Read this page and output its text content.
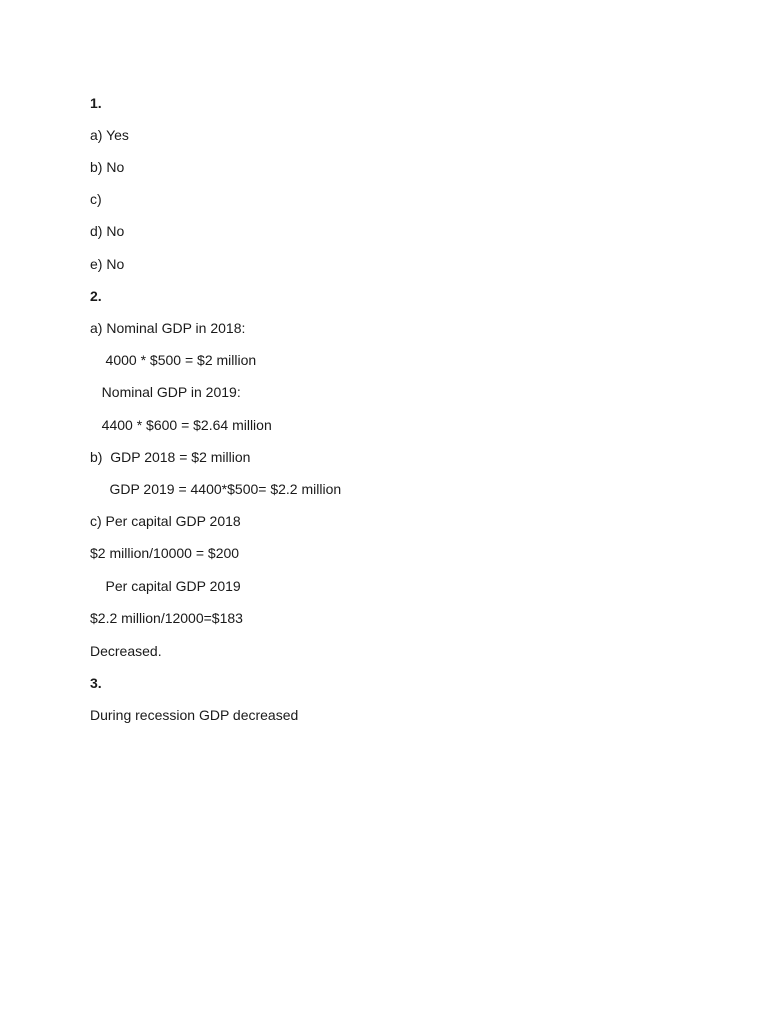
1.
a) Yes
b) No
c)
d) No
e) No
2.
a) Nominal GDP in 2018:
4000 * $500 = $2 million
Nominal GDP in 2019:
4400 * $600 = $2.64 million
b)  GDP 2018 = $2 million
GDP 2019 = 4400*$500= $2.2 million
c) Per capital GDP 2018
$2 million/10000 = $200
Per capital GDP 2019
$2.2 million/12000=$183
Decreased.
3.
During recession GDP decreased
